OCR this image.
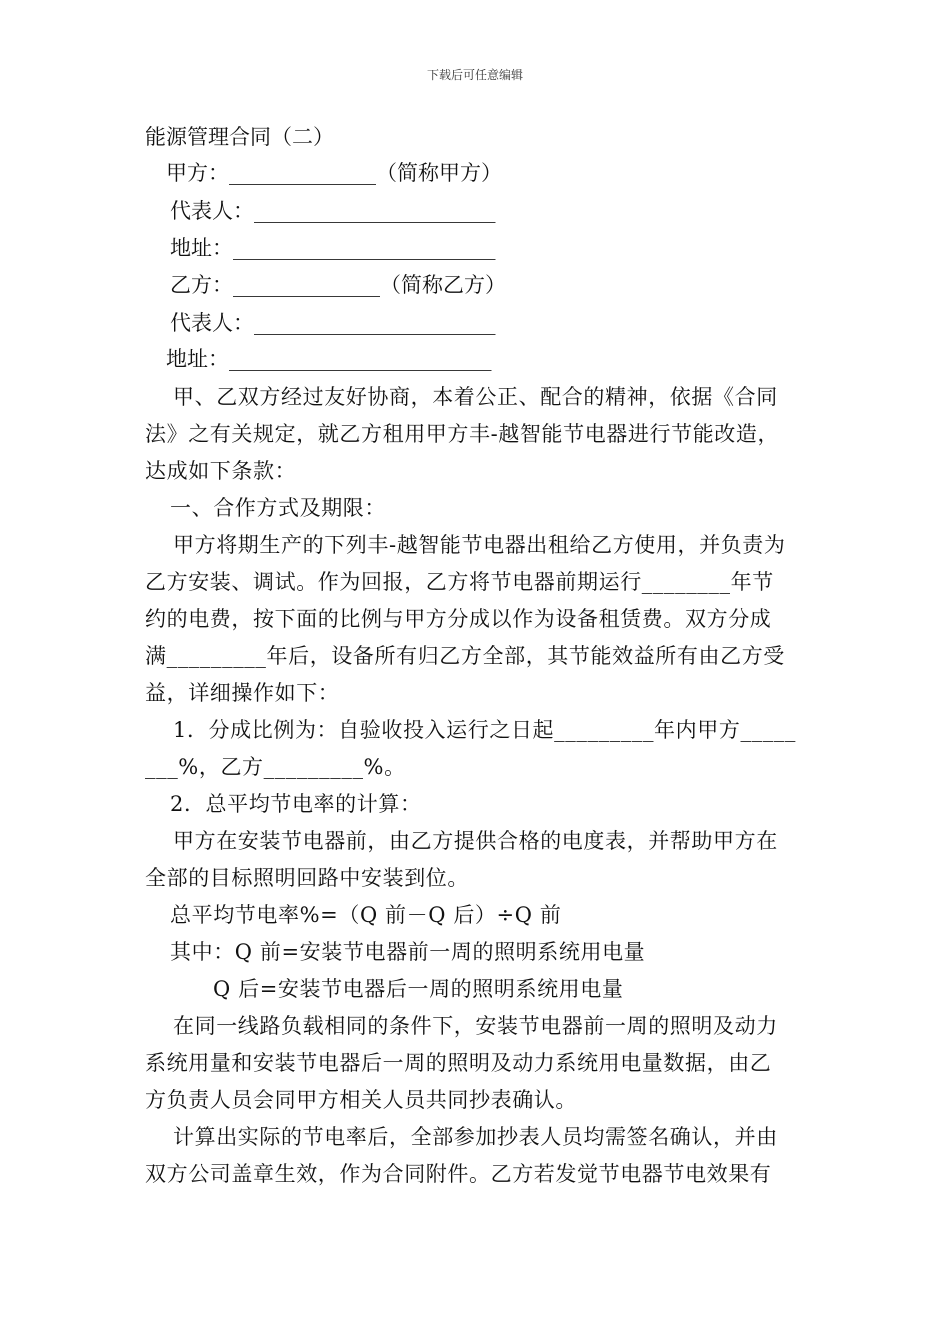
下载后可任意编辑
能源管理合同（二）
甲方：______________（简称甲方）
代表人：_______________________
地址：_________________________
乙方：______________（简称乙方）
代表人：_______________________
地址：_________________________
甲、乙双方经过友好协商，本着公正、配合的精神，依据《合同
法》之有关规定，就乙方租用甲方丰-越智能节电器进行节能改造，
达成如下条款：
一、合作方式及期限：
甲方将期生产的下列丰-越智能节电器出租给乙方使用，并负责为
乙方安装、调试。作为回报，乙方将节电器前期运行________年节
约的电费，按下面的比例与甲方分成以作为设备租赁费。双方分成
满_________年后，设备所有归乙方全部，其节能效益所有由乙方受
益，详细操作如下：
1．分成比例为：自验收投入运行之日起_________年内甲方_____
___%，乙方_________%。
2．总平均节电率的计算：
甲方在安装节电器前，由乙方提供合格的电度表，并帮助甲方在
全部的目标照明回路中安装到位。
总平均节电率%=（Q 前－Q 后）÷Q 前
其中：Q 前=安装节电器前一周的照明系统用电量
Q 后=安装节电器后一周的照明系统用电量
在同一线路负载相同的条件下，安装节电器前一周的照明及动力
系统用量和安装节电器后一周的照明及动力系统用电量数据，由乙
方负责人员会同甲方相关人员共同抄表确认。
计算出实际的节电率后，全部参加抄表人员均需签名确认，并由
双方公司盖章生效，作为合同附件。乙方若发觉节电器节电效果有
